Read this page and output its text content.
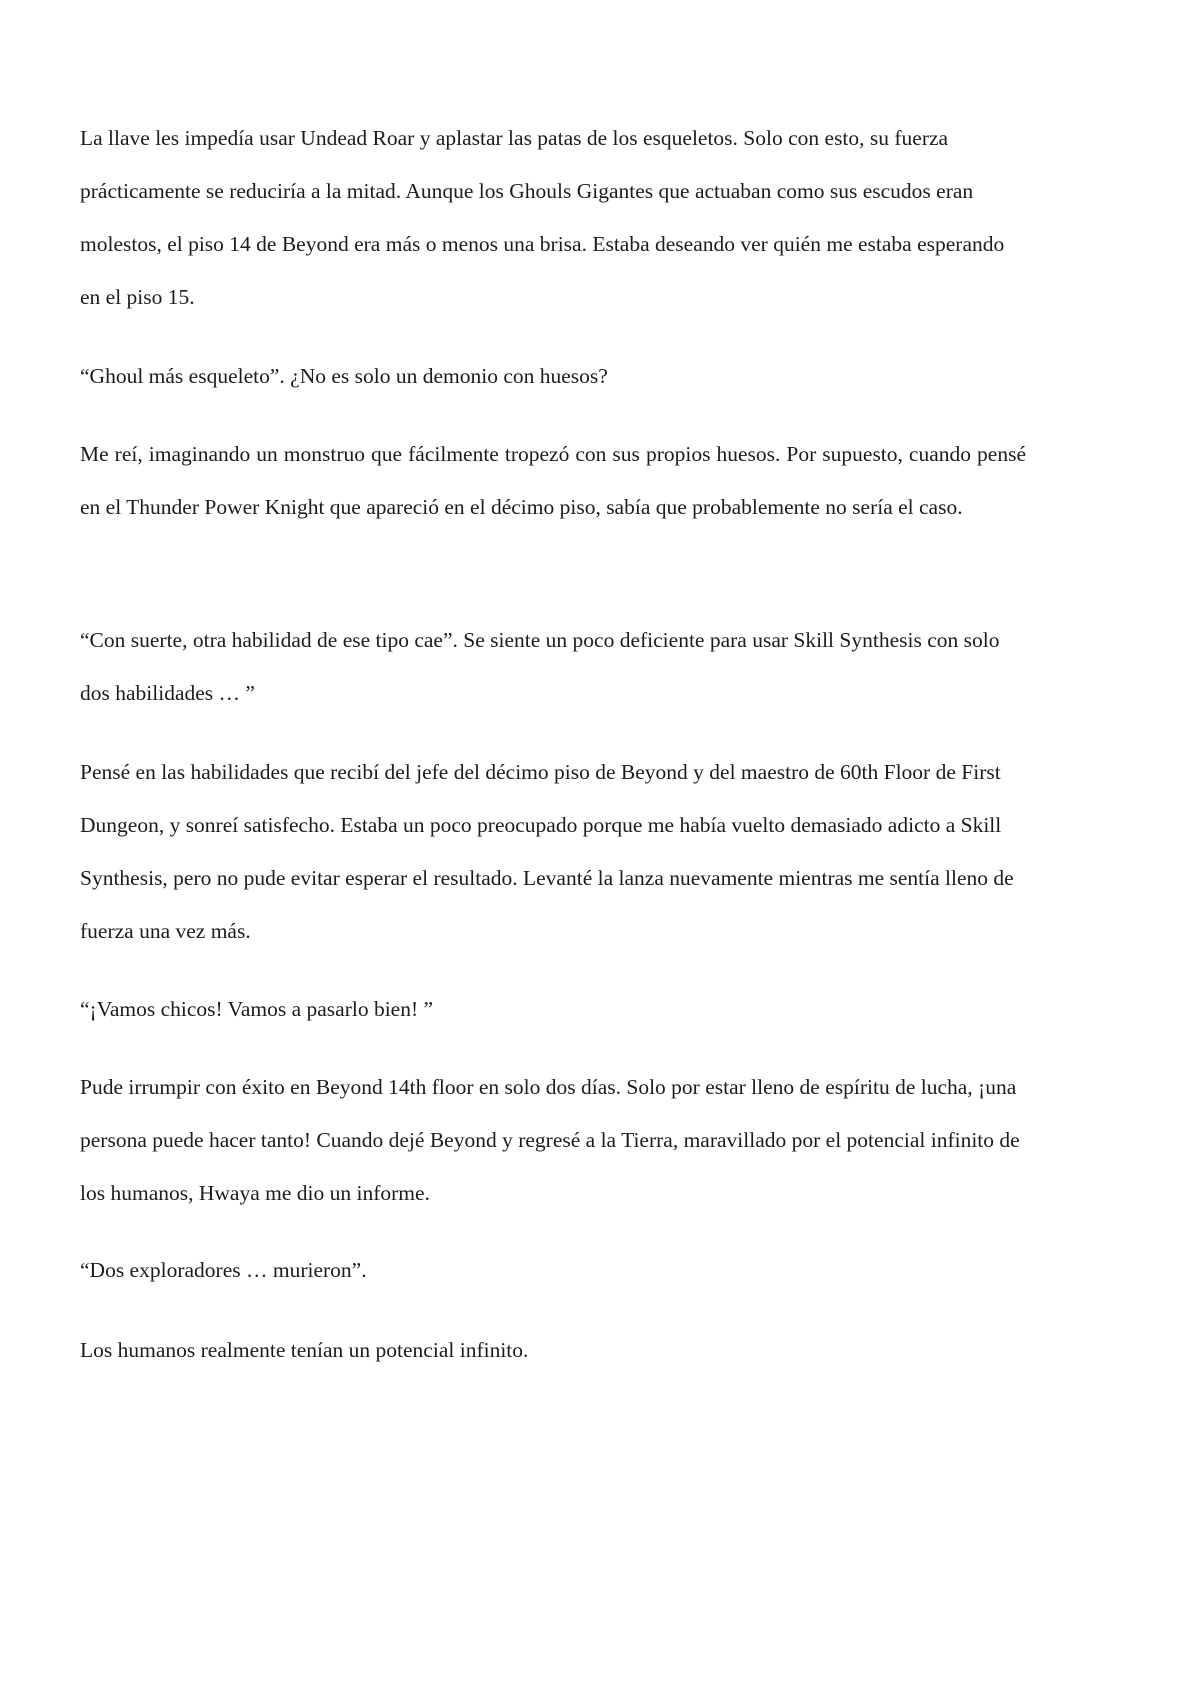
La llave les impedía usar Undead Roar y aplastar las patas de los esqueletos. Solo con esto, su fuerza prácticamente se reduciría a la mitad. Aunque los Ghouls Gigantes que actuaban como sus escudos eran molestos, el piso 14 de Beyond era más o menos una brisa. Estaba deseando ver quién me estaba esperando en el piso 15.

“Ghoul más esqueleto”. ¿No es solo un demonio con huesos?

Me reí, imaginando un monstruo que fácilmente tropezó con sus propios huesos. Por supuesto, cuando pensé en el Thunder Power Knight que apareció en el décimo piso, sabía que probablemente no sería el caso.

“Con suerte, otra habilidad de ese tipo cae”. Se siente un poco deficiente para usar Skill Synthesis con solo dos habilidades … ”

Pensé en las habilidades que recibí del jefe del décimo piso de Beyond y del maestro de 60th Floor de First Dungeon, y sonreí satisfecho. Estaba un poco preocupado porque me había vuelto demasiado adicto a Skill Synthesis, pero no pude evitar esperar el resultado. Levanté la lanza nuevamente mientras me sentía lleno de fuerza una vez más.

“¡Vamos chicos! Vamos a pasarlo bien! ”

Pude irrumpir con éxito en Beyond 14th floor en solo dos días. Solo por estar lleno de espíritu de lucha, ¡una persona puede hacer tanto! Cuando dejé Beyond y regresé a la Tierra, maravillado por el potencial infinito de los humanos, Hwaya me dio un informe.

“Dos exploradores … murieron”.

Los humanos realmente tenían un potencial infinito.
